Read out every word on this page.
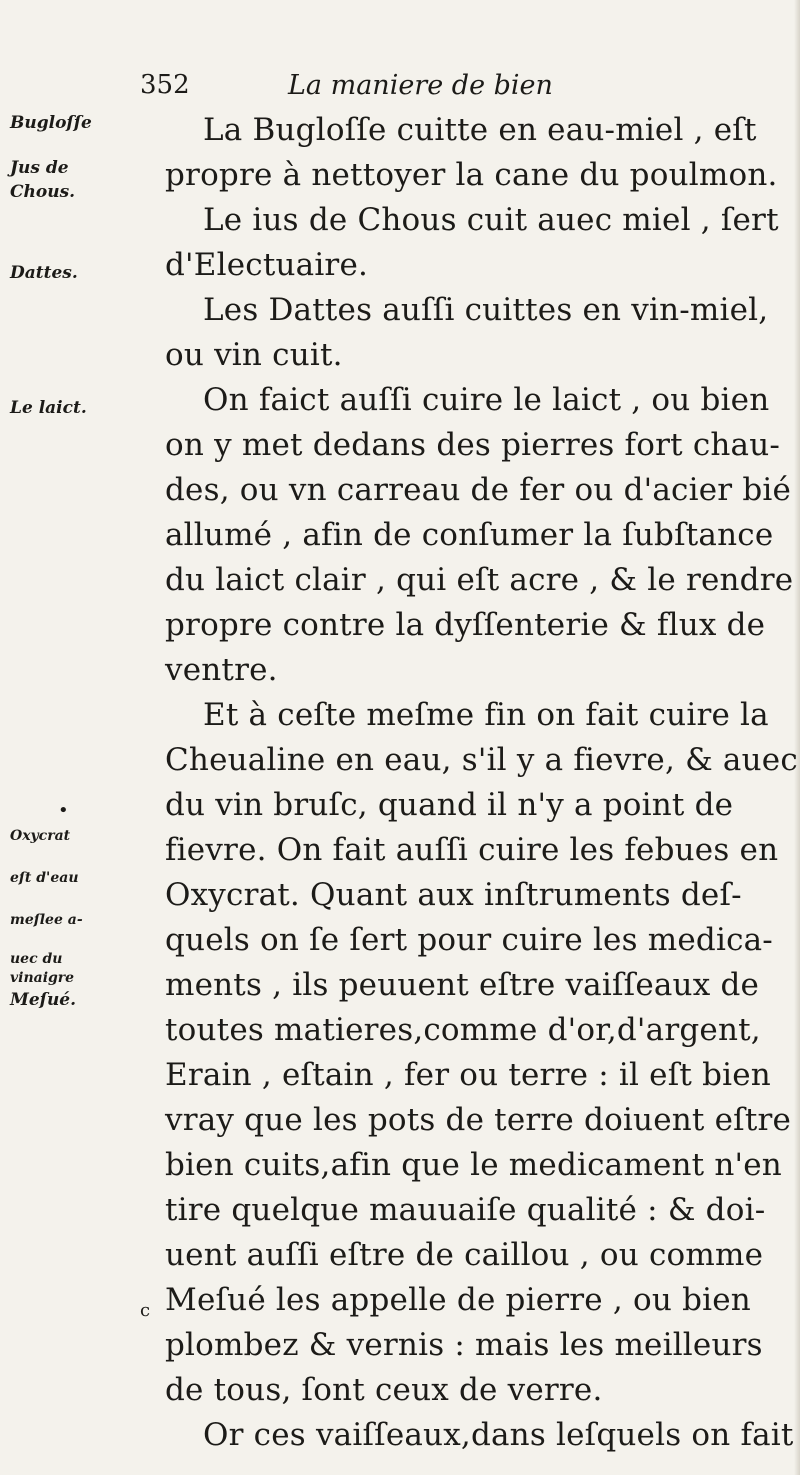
352	La maniere de bien
Bugloſſe
Jus de
Chous.
Dattes.
Le laict.
Oxycrat
eſt d'eau
meſlee a-
uec du
vinaigre
Meſué.
•
c
La Bugloſſe cuitte en eau-miel , eſt
propre à nettoyer la cane du poulmon.
Le ius de Chous cuit auec miel , ſert
d'Electuaire.
Les Dattes auſſi cuittes en vin-miel,
ou vin cuit.
On faict auſſi cuire le laict , ou bien
on y met dedans des pierres fort chau-
des, ou vn carreau de fer ou d'acier bié
allumé , afin de conſumer la ſubſtance
du laict clair , qui eſt acre , & le rendre
propre contre la dyſſenterie & flux de
ventre.
Et à ceſte meſme fin on fait cuire la
Cheualine en eau, s'il y a fievre, & auec
du vin bruſc, quand il n'y a point de
fievre. On fait auſſi cuire les febues en
Oxycrat. Quant aux inſtruments deſ-
quels on ſe ſert pour cuire les medica-
ments , ils peuuent eſtre vaiſſeaux de
toutes matieres,comme d'or,d'argent,
Erain , eſtain , fer ou terre : il eſt bien
vray que les pots de terre doiuent eſtre
bien cuits,afin que le medicament n'en
tire quelque mauuaiſe qualité : & doi-
uent auſſi eſtre de caillou , ou comme
Meſué les appelle de pierre , ou bien
plombez & vernis : mais les meilleurs
de tous, ſont ceux de verre.
Or ces vaiſſeaux,dans leſquels on fait
